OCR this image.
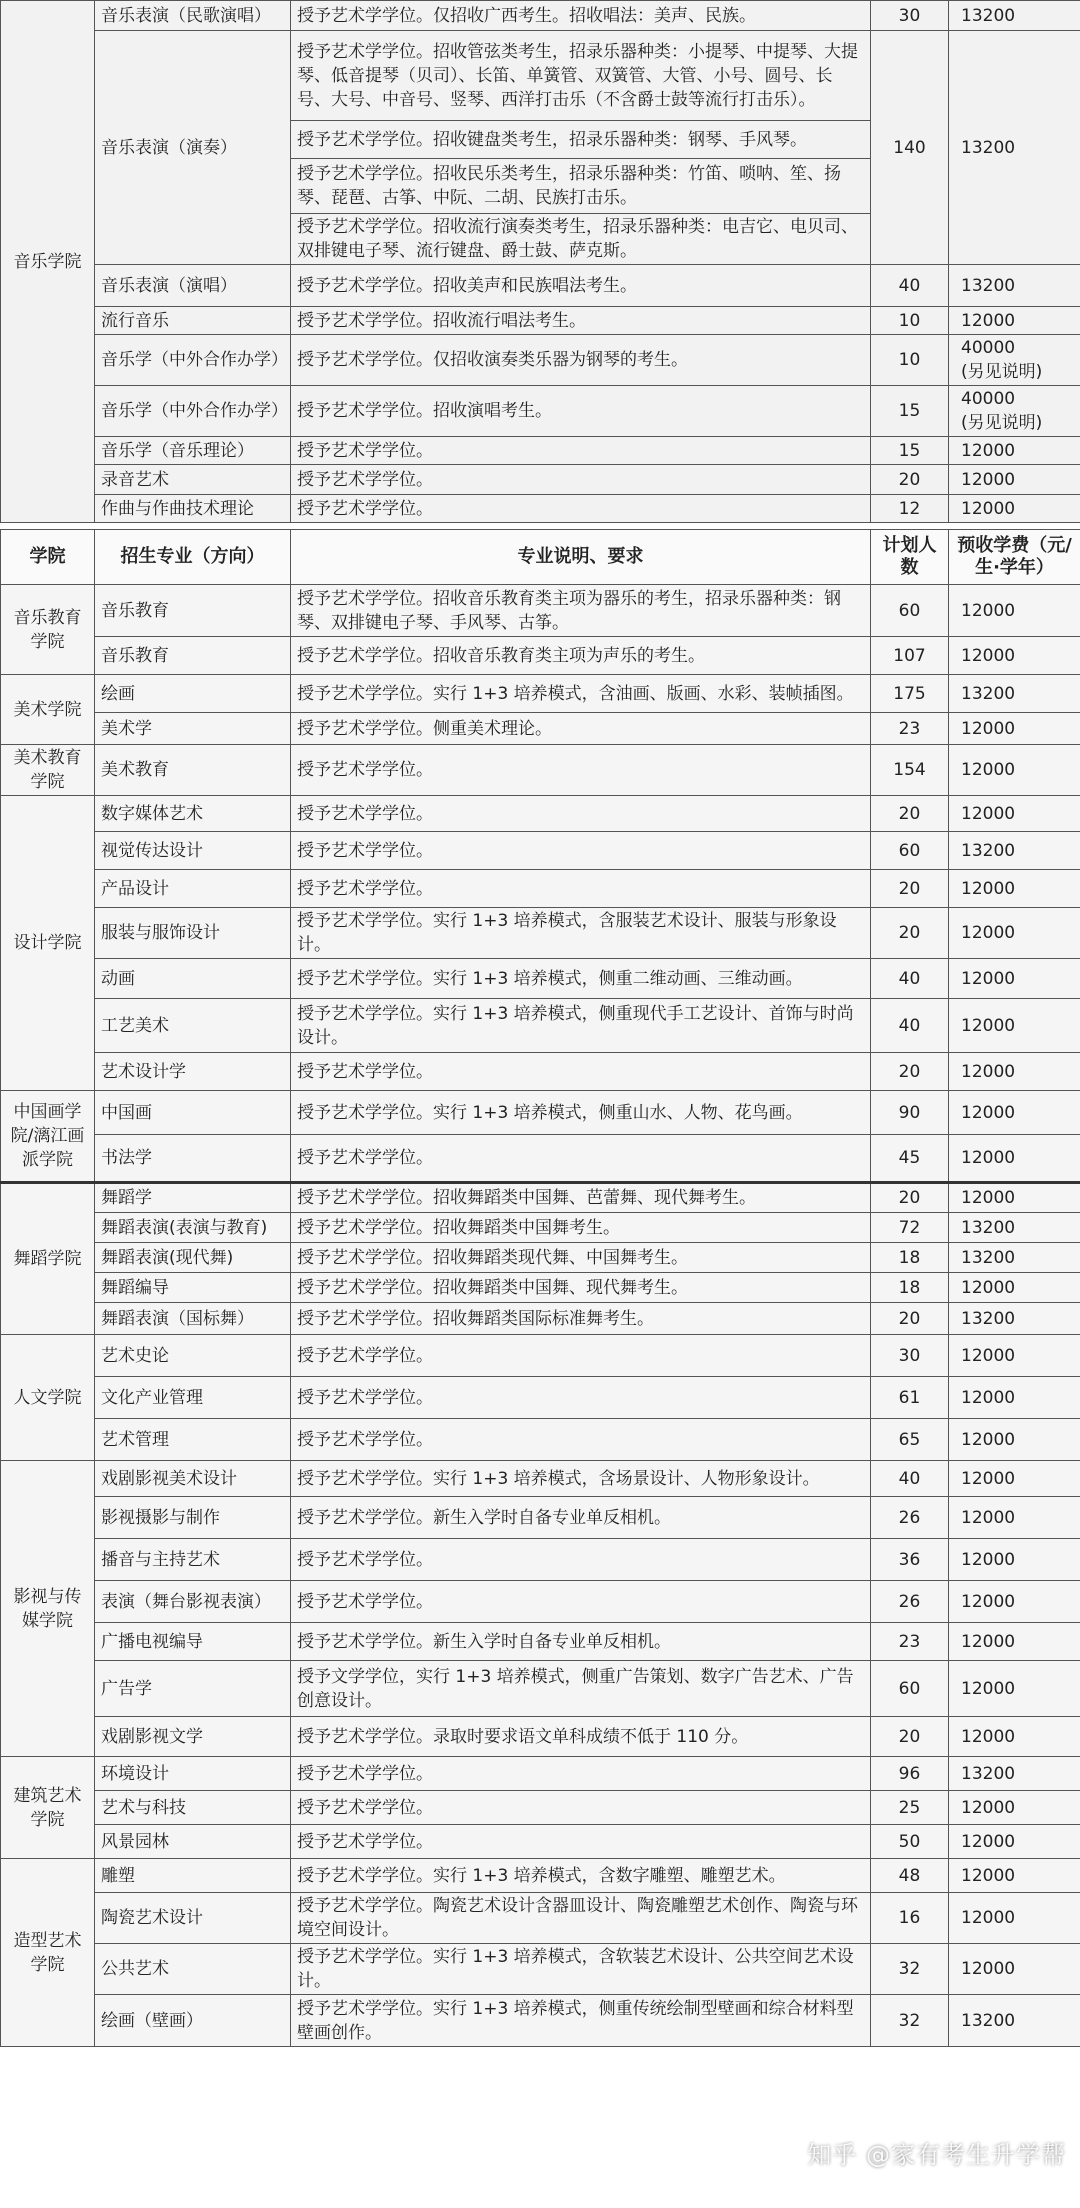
音乐学院	音乐表演（民歌演唱）	授予艺术学学位。仅招收广西考生。招收唱法：美声、民族。	30	13200

	音乐表演（演奏）	授予艺术学学位。招收管弦类考生，招录乐器种类：小提琴、中提琴、大提琴、低音提琴（贝司）、长笛、单簧管、双簧管、大管、小号、圆号、长号、大号、中音号、竖琴、西洋打击乐（不含爵士鼓等流行打击乐）。	140	13200

		授予艺术学学位。招收键盘类考生，招录乐器种类：钢琴、手风琴。		
		授予艺术学学位。招收民乐类考生，招录乐器种类：竹笛、唢呐、笙、扬琴、琵琶、古筝、中阮、二胡、民族打击乐。		
		授予艺术学学位。招收流行演奏类考生，招录乐器种类：电吉它、电贝司、双排键电子琴、流行键盘、爵士鼓、萨克斯。		
	音乐表演（演唱）	授予艺术学学位。招收美声和民族唱法考生。	40	13200

	流行音乐	授予艺术学学位。招收流行唱法考生。	10	12000

	音乐学（中外合作办学）	授予艺术学学位。仅招收演奏类乐器为钢琴的考生。	10	40000
(另见说明)

	音乐学（中外合作办学）	授予艺术学学位。招收演唱考生。	15	40000
(另见说明)

	音乐学（音乐理论）	授予艺术学学位。	15	12000

	录音艺术	授予艺术学学位。	20	12000

	作曲与作曲技术理论	授予艺术学学位。	12	12000
学院	招生专业（方向）	专业说明、要求	计划人数	预收学费（元/生·学年）
音乐教育学院	音乐教育	授予艺术学学位。招收音乐教育类主项为器乐的考生，招录乐器种类：钢琴、双排键电子琴、手风琴、古筝。	60	12000
	音乐教育	授予艺术学学位。招收音乐教育类主项为声乐的考生。	107	12000
美术学院	绘画	授予艺术学学位。实行 1+3 培养模式，含油画、版画、水彩、装帧插图。	175	13200
	美术学	授予艺术学学位。侧重美术理论。	23	12000
美术教育学院	美术教育	授予艺术学学位。	154	12000
设计学院	数字媒体艺术	授予艺术学学位。	20	12000
	视觉传达设计	授予艺术学学位。	60	13200
	产品设计	授予艺术学学位。	20	12000
	服装与服饰设计	授予艺术学学位。实行 1+3 培养模式，含服装艺术设计、服装与形象设计。	20	12000
	动画	授予艺术学学位。实行 1+3 培养模式，侧重二维动画、三维动画。	40	12000
	工艺美术	授予艺术学学位。实行 1+3 培养模式，侧重现代手工艺设计、首饰与时尚设计。	40	12000
	艺术设计学	授予艺术学学位。	20	12000
中国画学院/漓江画派学院	中国画	授予艺术学学位。实行 1+3 培养模式，侧重山水、人物、花鸟画。	90	12000
	书法学	授予艺术学学位。	45	12000
舞蹈学院	舞蹈学	授予艺术学学位。招收舞蹈类中国舞、芭蕾舞、现代舞考生。	20	12000
	舞蹈表演(表演与教育)	授予艺术学学位。招收舞蹈类中国舞考生。	72	13200
	舞蹈表演(现代舞)	授予艺术学学位。招收舞蹈类现代舞、中国舞考生。	18	13200
	舞蹈编导	授予艺术学学位。招收舞蹈类中国舞、现代舞考生。	18	12000
	舞蹈表演（国标舞）	授予艺术学学位。招收舞蹈类国际标准舞考生。	20	13200
人文学院	艺术史论	授予艺术学学位。	30	12000
	文化产业管理	授予艺术学学位。	61	12000
	艺术管理	授予艺术学学位。	65	12000
影视与传媒学院	戏剧影视美术设计	授予艺术学学位。实行 1+3 培养模式，含场景设计、人物形象设计。	40	12000
	影视摄影与制作	授予艺术学学位。新生入学时自备专业单反相机。	26	12000
	播音与主持艺术	授予艺术学学位。	36	12000
	表演（舞台影视表演）	授予艺术学学位。	26	12000
	广播电视编导	授予艺术学学位。新生入学时自备专业单反相机。	23	12000
	广告学	授予文学学位，实行 1+3 培养模式，侧重广告策划、数字广告艺术、广告创意设计。	60	12000
	戏剧影视文学	授予艺术学学位。录取时要求语文单科成绩不低于 110 分。	20	12000
建筑艺术学院	环境设计	授予艺术学学位。	96	13200
	艺术与科技	授予艺术学学位。	25	12000
	风景园林	授予艺术学学位。	50	12000
造型艺术学院	雕塑	授予艺术学学位。实行 1+3 培养模式，含数字雕塑、雕塑艺术。	48	12000
	陶瓷艺术设计	授予艺术学学位。陶瓷艺术设计含器皿设计、陶瓷雕塑艺术创作、陶瓷与环境空间设计。	16	12000
	公共艺术	授予艺术学学位。实行 1+3 培养模式，含软装艺术设计、公共空间艺术设计。	32	12000
	绘画（壁画）	授予艺术学学位。实行 1+3 培养模式，侧重传统绘制型壁画和综合材料型壁画创作。	32	13200
知乎 @家有考生升学帮
